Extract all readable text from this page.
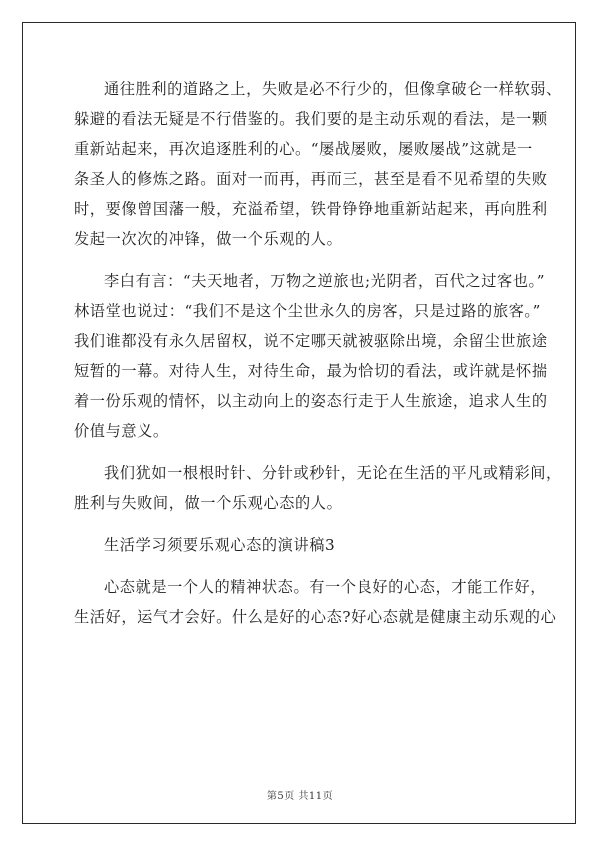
通往胜利的道路之上，失败是必不行少的，但像拿破仑一样软弱、
躲避的看法无疑是不行借鉴的。我们要的是主动乐观的看法，是一颗
重新站起来，再次追逐胜利的心。“屡战屡败，屡败屡战”这就是一
条圣人的修炼之路。面对一而再，再而三，甚至是看不见希望的失败
时，要像曾国藩一般，充溢希望，铁骨铮铮地重新站起来，再向胜利
发起一次次的冲锋，做一个乐观的人。
李白有言：“夫天地者，万物之逆旅也;光阴者，百代之过客也。”
林语堂也说过：“我们不是这个尘世永久的房客，只是过路的旅客。”
我们谁都没有永久居留权，说不定哪天就被驱除出境，余留尘世旅途
短暂的一幕。对待人生，对待生命，最为恰切的看法，或许就是怀揣
着一份乐观的情怀，以主动向上的姿态行走于人生旅途，追求人生的
价值与意义。
我们犹如一根根时针、分针或秒针，无论在生活的平凡或精彩间，
胜利与失败间，做一个乐观心态的人。
生活学习须要乐观心态的演讲稿3
心态就是一个人的精神状态。有一个良好的心态，才能工作好，
生活好，运气才会好。什么是好的心态?好心态就是健康主动乐观的心
第5页 共11页
